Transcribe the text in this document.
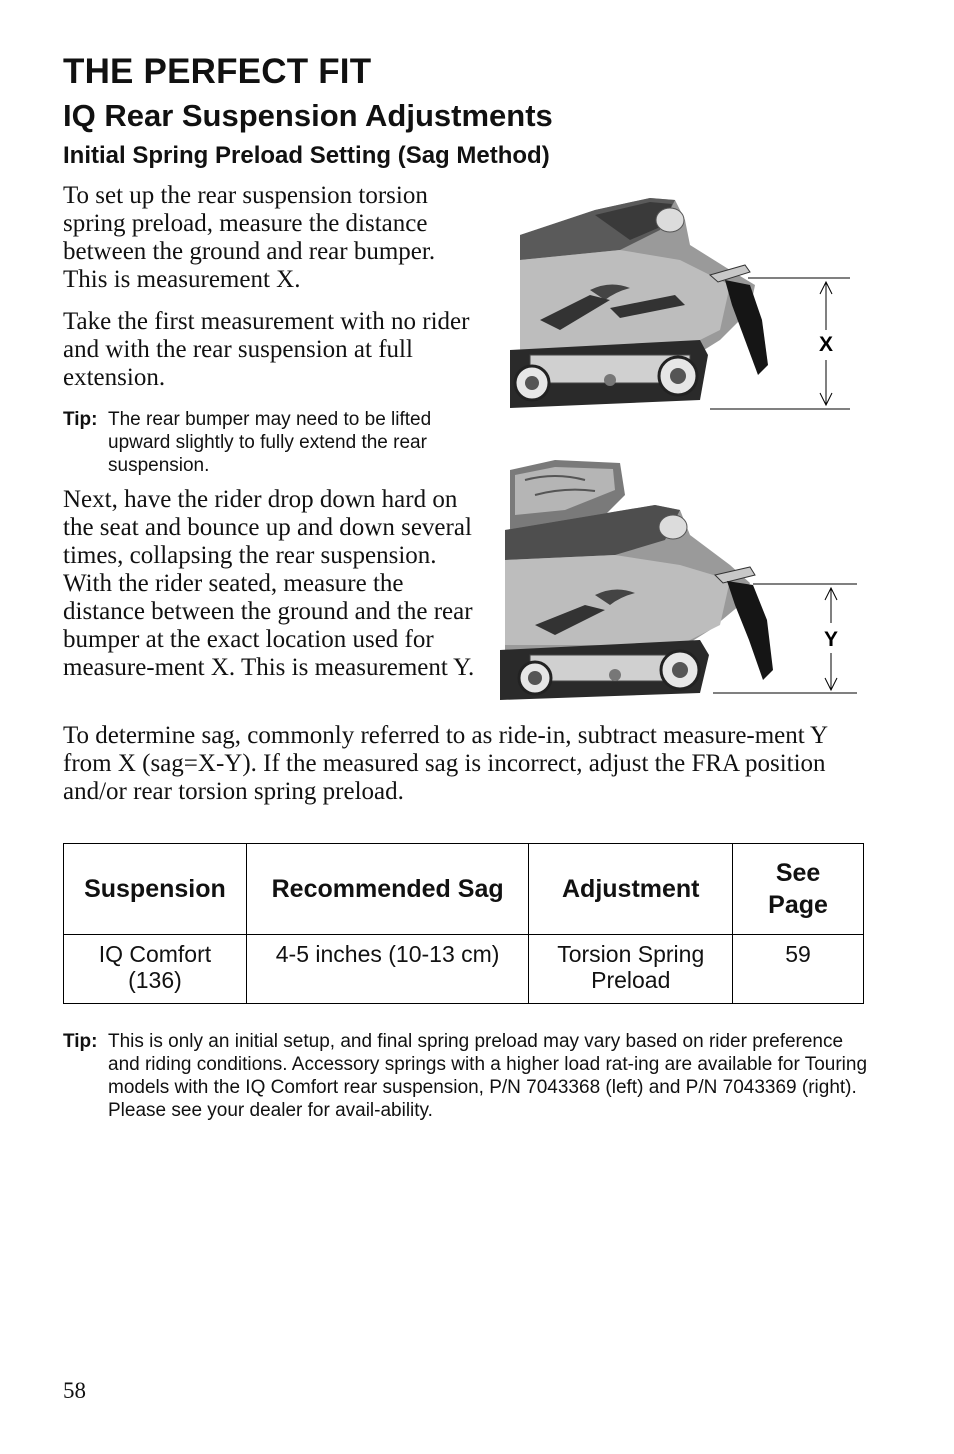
THE PERFECT FIT
IQ Rear Suspension Adjustments
Initial Spring Preload Setting (Sag Method)

To set up the rear suspension torsion spring preload, measure the distance between the ground and rear bumper. This is measurement X.

Take the first measurement with no rider and with the rear suspension at full extension.

Tip: The rear bumper may need to be lifted upward slightly to fully extend the rear suspension.

Next, have the rider drop down hard on the seat and bounce up and down several times, collapsing the rear suspension. With the rider seated, measure the distance between the ground and the rear bumper at the exact location used for measure-ment X. This is measurement Y.

X
Y

To determine sag, commonly referred to as ride-in, subtract measure-ment Y from X (sag=X-Y). If the measured sag is incorrect, adjust the FRA position and/or rear torsion spring preload.

Suspension	Recommended Sag	Adjustment	See Page
IQ Comfort (136)	4-5 inches (10-13 cm)	Torsion Spring Preload	59
Tip: This is only an initial setup, and final spring preload may vary based on rider preference and riding conditions. Accessory springs with a higher load rat-ing are available for Touring models with the IQ Comfort rear suspension, P/N 7043368 (left) and P/N 7043369 (right). Please see your dealer for avail-ability.
58
